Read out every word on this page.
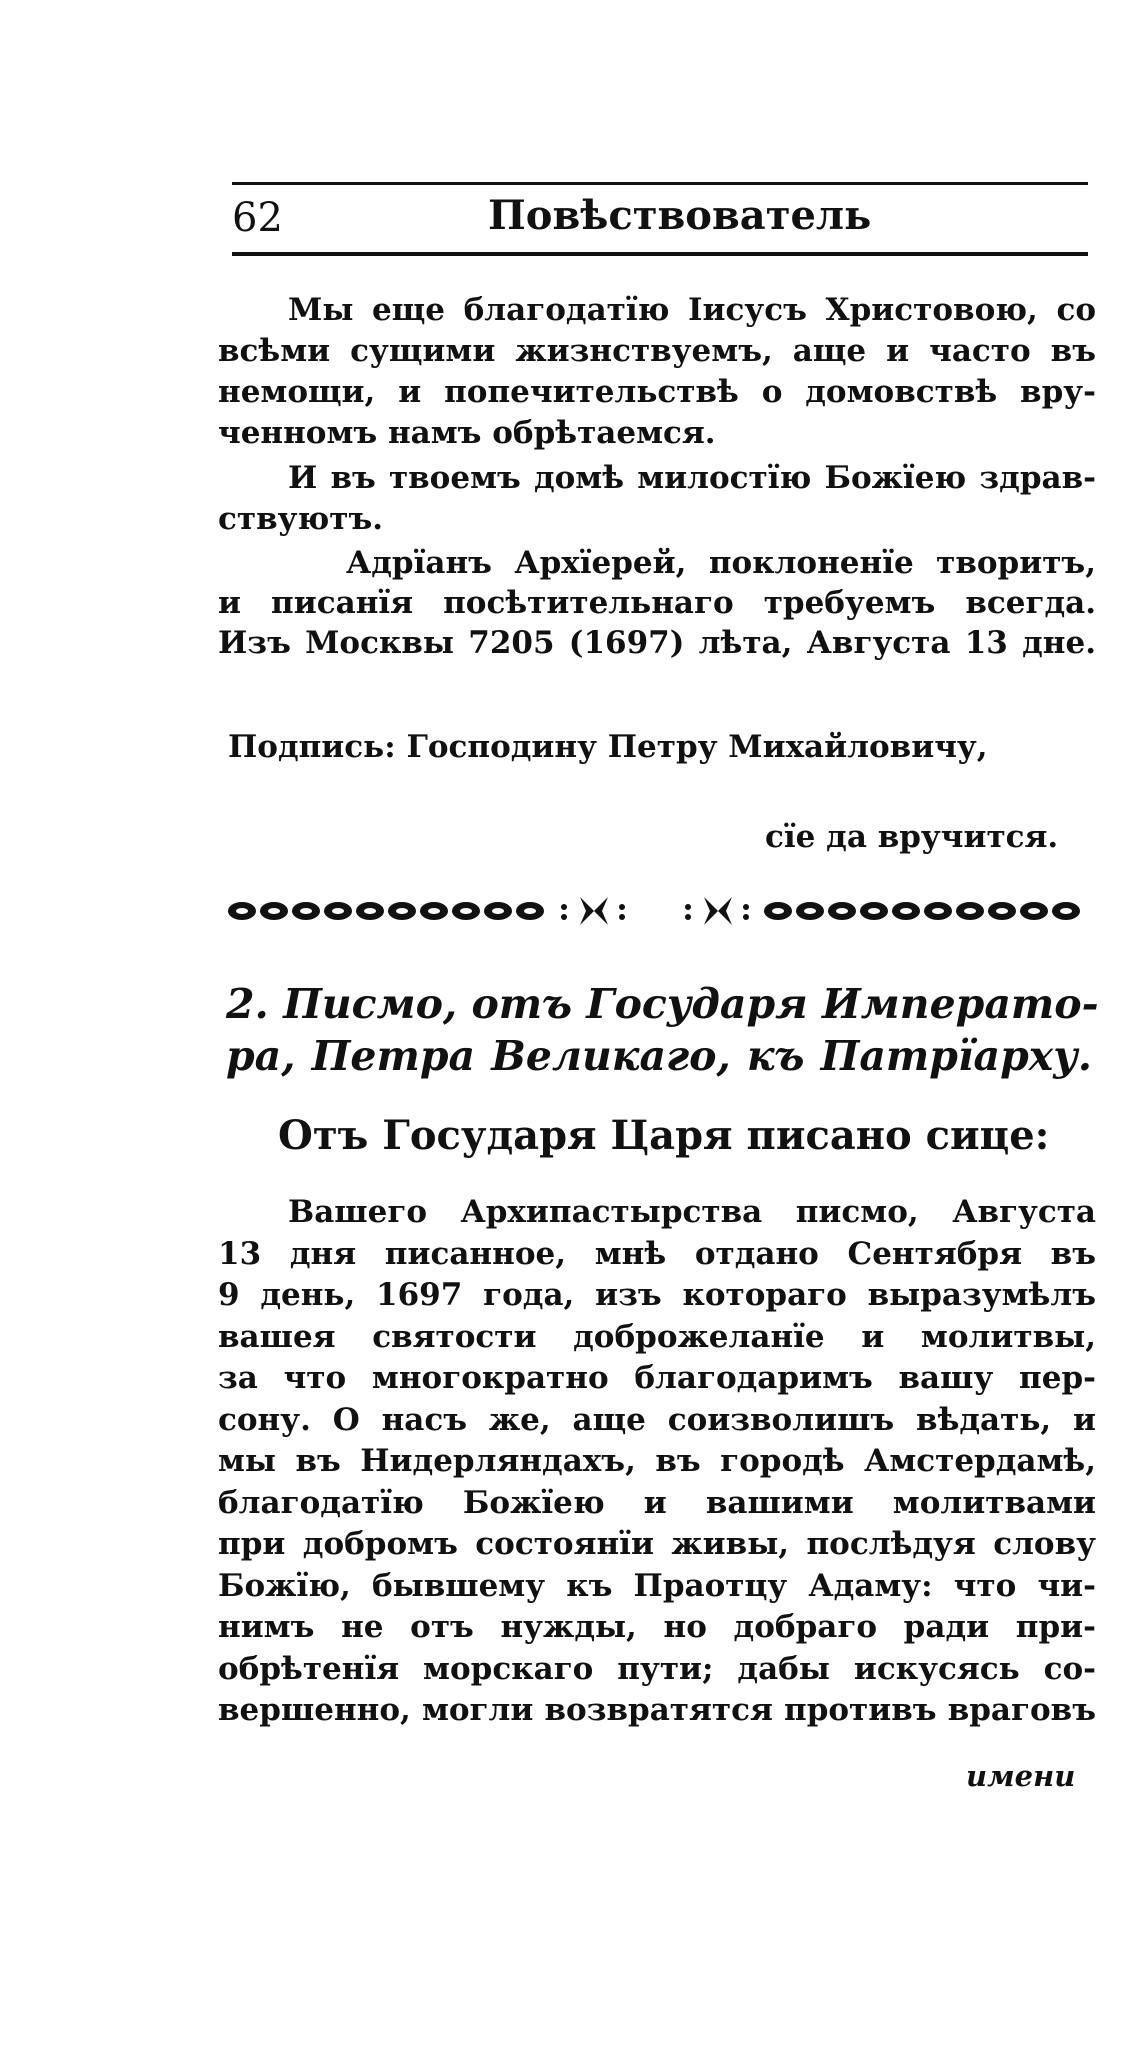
62	Повѣствователь
Мы еще благодатїю Іисусъ Христовою, со
всѣми сущими жизнствуемъ, аще и часто въ
немощи, и попечительствѣ о домовствѣ вру-
ченномъ намъ обрѣтаемся.
И въ твоемъ домѣ милостїю Божїею здрав-
ствуютъ.
Адрїанъ Архїерей, поклоненїе творитъ,
и писанїя посѣтительнаго требуемъ всегда.
Изъ Москвы 7205 (1697) лѣта, Августа 13 дне.
Подпись: Господину Петру Михайловичу,
сїе да вручится.
2. Писмо, отъ Государя Императо-
ра, Петра Великаго, къ Патрїарху.
Отъ Государя Царя писано сице:
Вашего Архипастырства писмо, Августа
13 дня писанное, мнѣ отдано Сентября въ
9 день, 1697 года, изъ котораго выразумѣлъ
вашея святости доброжеланїе и молитвы,
за что многократно благодаримъ вашу пер-
сону. О насъ же, аще соизволишъ вѣдать, и
мы въ Нидерляндахъ, въ городѣ Амстердамѣ,
благодатїю Божїею и вашими молитвами
при добромъ состоянїи живы, послѣдуя слову
Божїю, бывшему къ Праотцу Адаму: что чи-
нимъ не отъ нужды, но добраго ради при-
обрѣтенїя морскаго пути; дабы искусясь со-
вершенно, могли возвратятся противъ враговъ
имени
